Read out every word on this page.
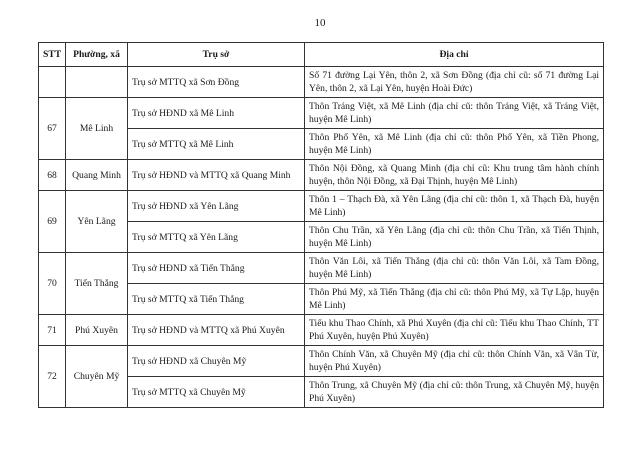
10
STT	Phường, xã	Trụ sở	Địa chỉ
		Trụ sở MTTQ xã Sơn Đồng	Số 71 đường Lại Yên, thôn 2, xã Sơn Đồng (địa chỉ cũ: số 71 đường Lại Yên, thôn 2, xã Lại Yên, huyện Hoài Đức)
67	Mê Linh	Trụ sở HĐND xã Mê Linh	Thôn Tráng Việt, xã Mê Linh (địa chỉ cũ: thôn Tráng Việt, xã Tráng Việt, huyện Mê Linh)
		Trụ sở MTTQ xã Mê Linh	Thôn Phố Yên, xã Mê Linh (địa chỉ cũ: thôn Phố Yên, xã Tiền Phong, huyện Mê Linh)
68	Quang Minh	Trụ sở HĐND và MTTQ xã Quang Minh	Thôn Nội Đồng, xã Quang Minh (địa chỉ cũ: Khu trung tâm hành chính huyện, thôn Nội Đồng, xã Đại Thịnh, huyện Mê Linh)
69	Yên Lãng	Trụ sở HĐND xã Yên Lãng	Thôn 1 – Thạch Đà, xã Yên Lãng (địa chỉ cũ: thôn 1, xã Thạch Đà, huyện Mê Linh)
		Trụ sở MTTQ xã Yên Lãng	Thôn Chu Trần, xã Yên Lãng (địa chỉ cũ: thôn Chu Trần, xã Tiến Thịnh, huyện Mê Linh)
70	Tiến Thắng	Trụ sở HĐND xã Tiến Thắng	Thôn Văn Lôi, xã Tiến Thắng (địa chỉ cũ: thôn Văn Lôi, xã Tam Đồng, huyện Mê Linh)
		Trụ sở MTTQ xã Tiến Thắng	Thôn Phú Mỹ, xã Tiến Thắng (địa chỉ cũ: thôn Phú Mỹ, xã Tự Lập, huyện Mê Linh)
71	Phú Xuyên	Trụ sở HĐND và MTTQ xã Phú Xuyên	Tiểu khu Thao Chính, xã Phú Xuyên (địa chỉ cũ: Tiểu khu Thao Chính, TT Phú Xuyên, huyện Phú Xuyên)
72	Chuyên Mỹ	Trụ sở HĐND xã Chuyên Mỹ	Thôn Chính Văn, xã Chuyên Mỹ (địa chỉ cũ: thôn Chính Văn, xã Vân Từ, huyện Phú Xuyên)
		Trụ sở MTTQ xã Chuyên Mỹ	Thôn Trung, xã Chuyên Mỹ (địa chỉ cũ: thôn Trung, xã Chuyên Mỹ, huyện Phú Xuyên)
